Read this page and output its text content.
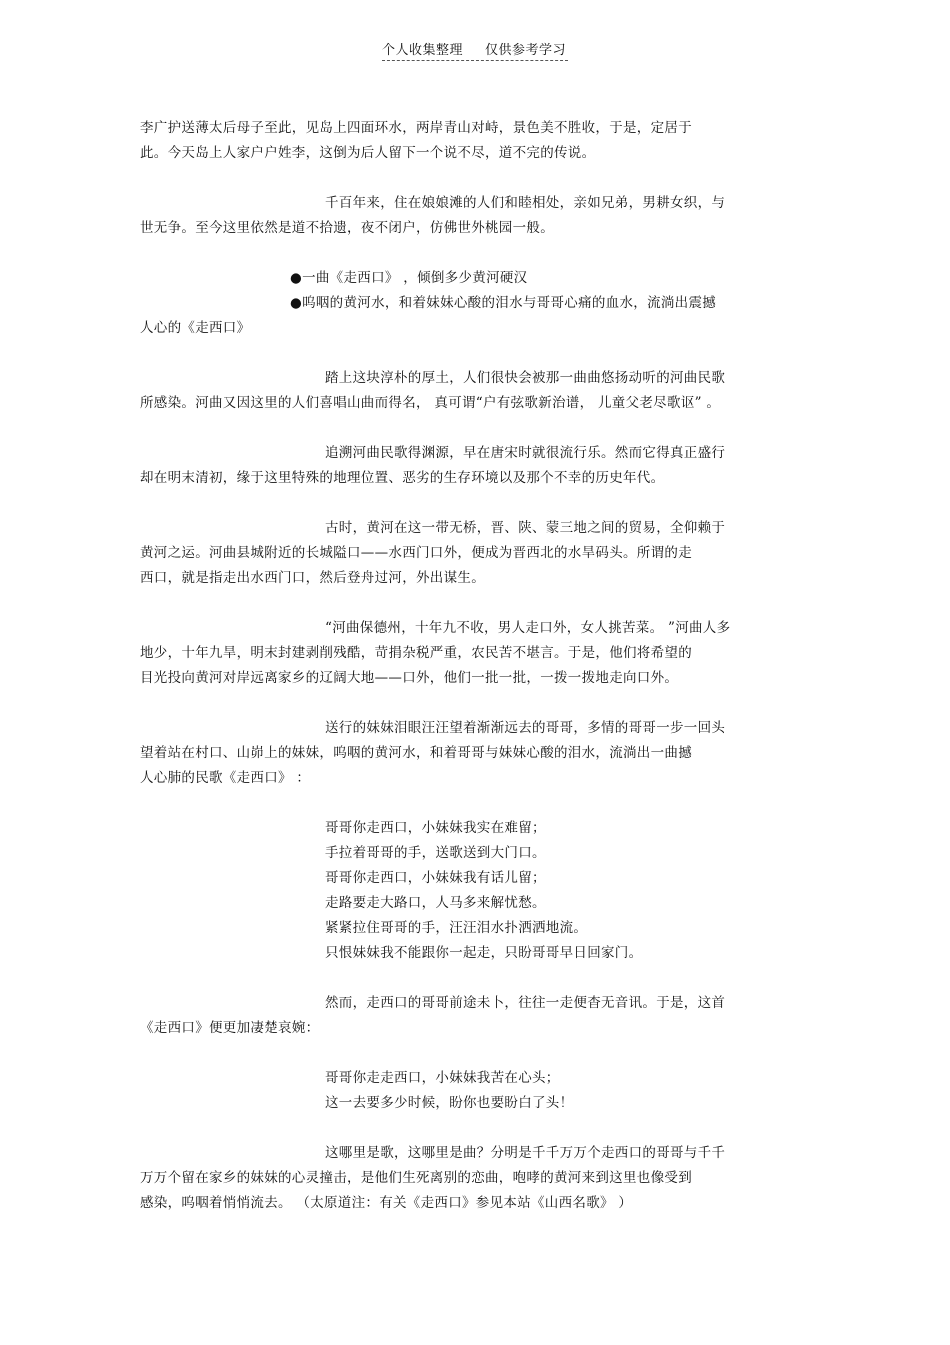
个人收集整理 仅供参考学习
李广护送薄太后母子至此，见岛上四面环水，两岸青山对峙，景色美不胜收，于是，定居于
此。今天岛上人家户户姓李，这倒为后人留下一个说不尽，道不完的传说。
千百年来，住在娘娘滩的人们和睦相处，亲如兄弟，男耕女织，与
世无争。至今这里依然是道不拾遗，夜不闭户，仿佛世外桃园一般。
●一曲《走西口》 ，倾倒多少黄河硬汉
●呜咽的黄河水，和着妹妹心酸的泪水与哥哥心痛的血水，流淌出震撼
人心的《走西口》
踏上这块淳朴的厚土，人们很快会被那一曲曲悠扬动听的河曲民歌
所感染。河曲又因这里的人们喜唱山曲而得名， 真可谓“户有弦歌新治谱， 儿童父老尽歌讴” 。
追溯河曲民歌得渊源，早在唐宋时就很流行乐。然而它得真正盛行
却在明末清初，缘于这里特殊的地理位置、恶劣的生存环境以及那个不幸的历史年代。
古时，黄河在这一带无桥，晋、陕、蒙三地之间的贸易，全仰赖于
黄河之运。河曲县城附近的长城隘口——水西门口外，便成为晋西北的水旱码头。所谓的走
西口，就是指走出水西门口，然后登舟过河，外出谋生。
“河曲保德州，十年九不收，男人走口外，女人挑苦菜。 ”河曲人多
地少，十年九旱，明末封建剥削残酷，苛捐杂税严重，农民苦不堪言。于是，他们将希望的
目光投向黄河对岸远离家乡的辽阔大地——口外，他们一批一批，一拨一拨地走向口外。
送行的妹妹泪眼汪汪望着渐渐远去的哥哥，多情的哥哥一步一回头
望着站在村口、山峁上的妹妹，呜咽的黄河水，和着哥哥与妹妹心酸的泪水，流淌出一曲撼
人心肺的民歌《走西口》 ：
哥哥你走西口，小妹妹我实在难留；
手拉着哥哥的手，送歌送到大门口。
哥哥你走西口，小妹妹我有话儿留；
走路要走大路口，人马多来解忧愁。
紧紧拉住哥哥的手，汪汪泪水扑洒洒地流。
只恨妹妹我不能跟你一起走，只盼哥哥早日回家门。
然而，走西口的哥哥前途未卜，往往一走便杳无音讯。于是，这首
《走西口》便更加凄楚哀婉：
哥哥你走走西口，小妹妹我苦在心头；
这一去要多少时候，盼你也要盼白了头！
这哪里是歌，这哪里是曲？分明是千千万万个走西口的哥哥与千千
万万个留在家乡的妹妹的心灵撞击，是他们生死离别的恋曲，咆哮的黄河来到这里也像受到
感染，呜咽着悄悄流去。 （太原道注：有关《走西口》参见本站《山西名歌》 ）
